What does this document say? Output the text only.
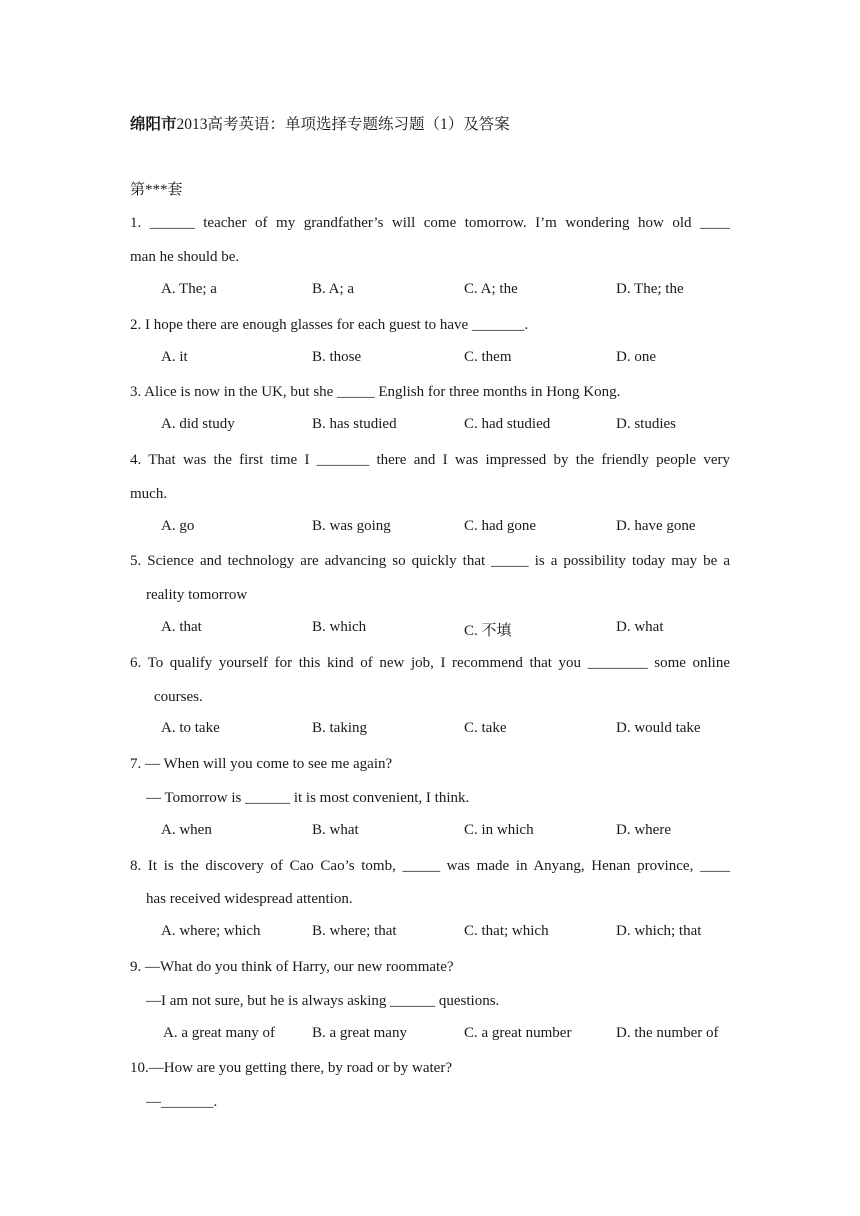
绵阳市2013高考英语：单项选择专题练习题（1）及答案
第***套
1. ______ teacher of my grandfather’s will come tomorrow. I’m wondering how old ____
man he should be.
A. The; a	B. A; a	C. A; the	D. The; the
2. I hope there are enough glasses for each guest to have _______.
A. it	B. those	C. them	D. one
3. Alice is now in the UK, but she _____ English for three months in Hong Kong.
A. did study	B. has studied	C. had studied	D. studies
4. That was the first time I _______ there and I was impressed by the friendly people very
much.
A. go	B. was going	C. had gone	D. have gone
5. Science and technology are advancing so quickly that _____ is a possibility today may be a
reality tomorrow
A. that	B. which	C. 不填	D. what
6. To qualify yourself for this kind of new job, I recommend that you ________ some online
courses.
A. to take	B. taking	C. take	D. would take
7. — When will you come to see me again?
— Tomorrow is ______ it is most convenient, I think.
A. when	B. what	C. in which	D. where
8. It is the discovery of Cao Cao’s tomb, _____ was made in Anyang, Henan province, ____
has received widespread attention.
A. where; which	B. where; that	C. that; which	D. which; that
9. —What do you think of Harry, our new roommate?
—I am not sure, but he is always asking ______ questions.
A. a great many of B. a great many	C. a great number	D. the number of
10.—How are you getting there, by road or by water?
—_______.
